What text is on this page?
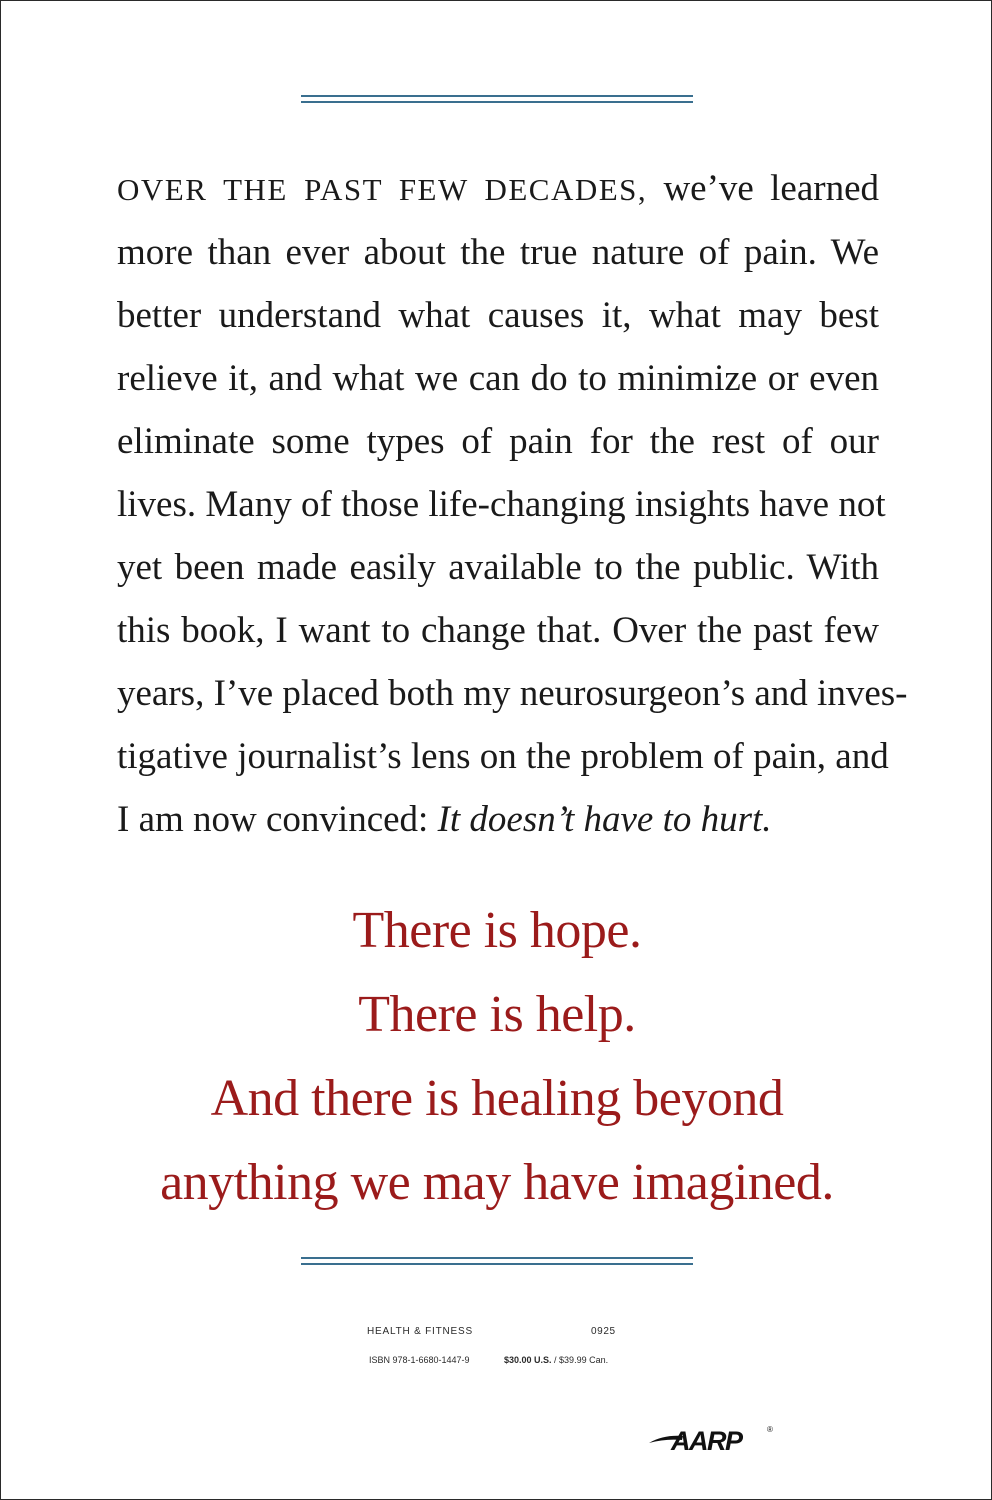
OVER THE PAST FEW DECADES, we’ve learned
more than ever about the true nature of pain. We
better understand what causes it, what may best
relieve it, and what we can do to minimize or even
eliminate some types of pain for the rest of our
lives. Many of those life-changing insights have not
yet been made easily available to the public. With
this book, I want to change that. Over the past few
years, I’ve placed both my neurosurgeon’s and inves-
tigative journalist’s lens on the problem of pain, and
I am now convinced: It doesn’t have to hurt.
There is hope.
There is help.
And there is healing beyond
anything we may have imagined.
HEALTH & FITNESS	0925
ISBN 978-1-6680-1447-9	$30.00 U.S. / $39.99 Can.
AARP	®
